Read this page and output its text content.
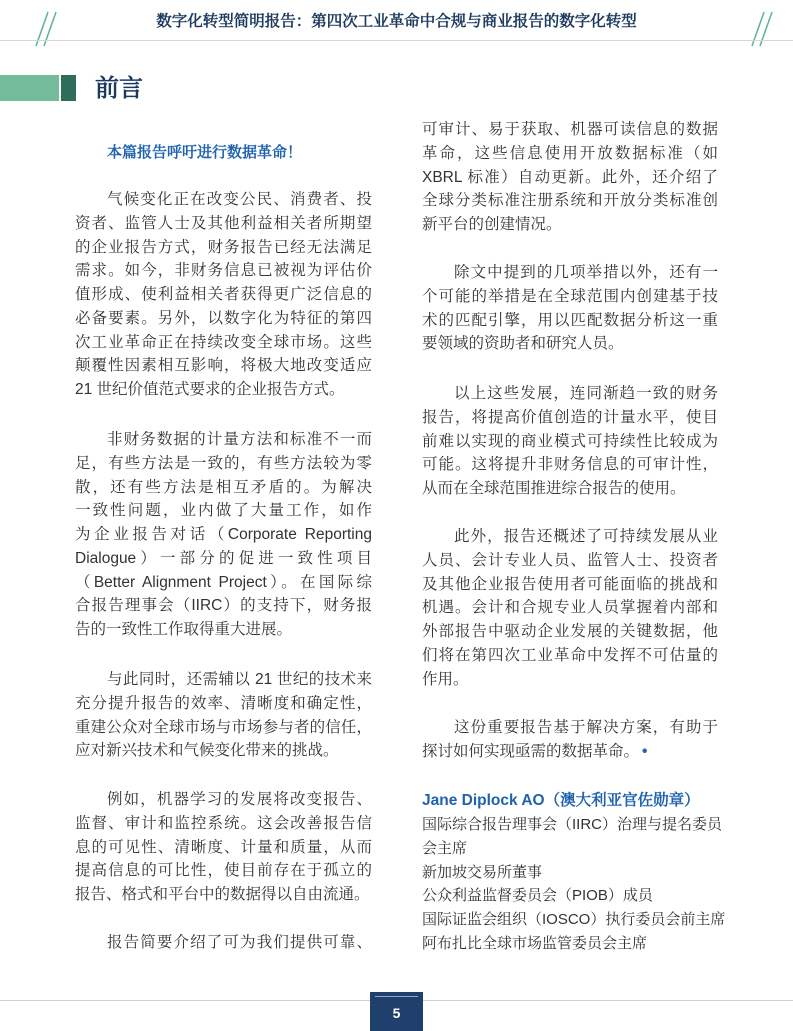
数字化转型简明报告：第四次工业革命中合规与商业报告的数字化转型
前言
本篇报告呼吁进行数据革命！
气候变化正在改变公民、消费者、投
资者、监管人士及其他利益相关者所期望
的企业报告方式，财务报告已经无法满足
需求。如今，非财务信息已被视为评估价
值形成、使利益相关者获得更广泛信息的
必备要素。另外，以数字化为特征的第四
次工业革命正在持续改变全球市场。这些
颠覆性因素相互影响，将极大地改变适应
21 世纪价值范式要求的企业报告方式。
非财务数据的计量方法和标准不一而
足，有些方法是一致的，有些方法较为零
散，还有些方法是相互矛盾的。为解决
一致性问题，业内做了大量工作，如作
为企业报告对话（Corporate Reporting
Dialogue）一部分的促进一致性项目
（Better Alignment Project）。在国际综
合报告理事会（IIRC）的支持下，财务报
告的一致性工作取得重大进展。
与此同时，还需辅以 21 世纪的技术来
充分提升报告的效率、清晰度和确定性，
重建公众对全球市场与市场参与者的信任，
应对新兴技术和气候变化带来的挑战。
例如，机器学习的发展将改变报告、
监督、审计和监控系统。这会改善报告信
息的可见性、清晰度、计量和质量，从而
提高信息的可比性，使目前存在于孤立的
报告、格式和平台中的数据得以自由流通。
报告简要介绍了可为我们提供可靠、
可审计、易于获取、机器可读信息的数据
革命，这些信息使用开放数据标准（如
XBRL 标准）自动更新。此外，还介绍了
全球分类标准注册系统和开放分类标准创
新平台的创建情况。
除文中提到的几项举措以外，还有一
个可能的举措是在全球范围内创建基于技
术的匹配引擎，用以匹配数据分析这一重
要领域的资助者和研究人员。
以上这些发展，连同渐趋一致的财务
报告，将提高价值创造的计量水平，使目
前难以实现的商业模式可持续性比较成为
可能。这将提升非财务信息的可审计性，
从而在全球范围推进综合报告的使用。
此外，报告还概述了可持续发展从业
人员、会计专业人员、监管人士、投资者
及其他企业报告使用者可能面临的挑战和
机遇。会计和合规专业人员掌握着内部和
外部报告中驱动企业发展的关键数据，他
们将在第四次工业革命中发挥不可估量的
作用。
这份重要报告基于解决方案，有助于
探讨如何实现亟需的数据革命。 •
Jane Diplock AO（澳大利亚官佐勋章）
国际综合报告理事会（IIRC）治理与提名委员
会主席
新加坡交易所董事
公众利益监督委员会（PIOB）成员
国际证监会组织（IOSCO）执行委员会前主席
阿布扎比全球市场监管委员会主席
5
